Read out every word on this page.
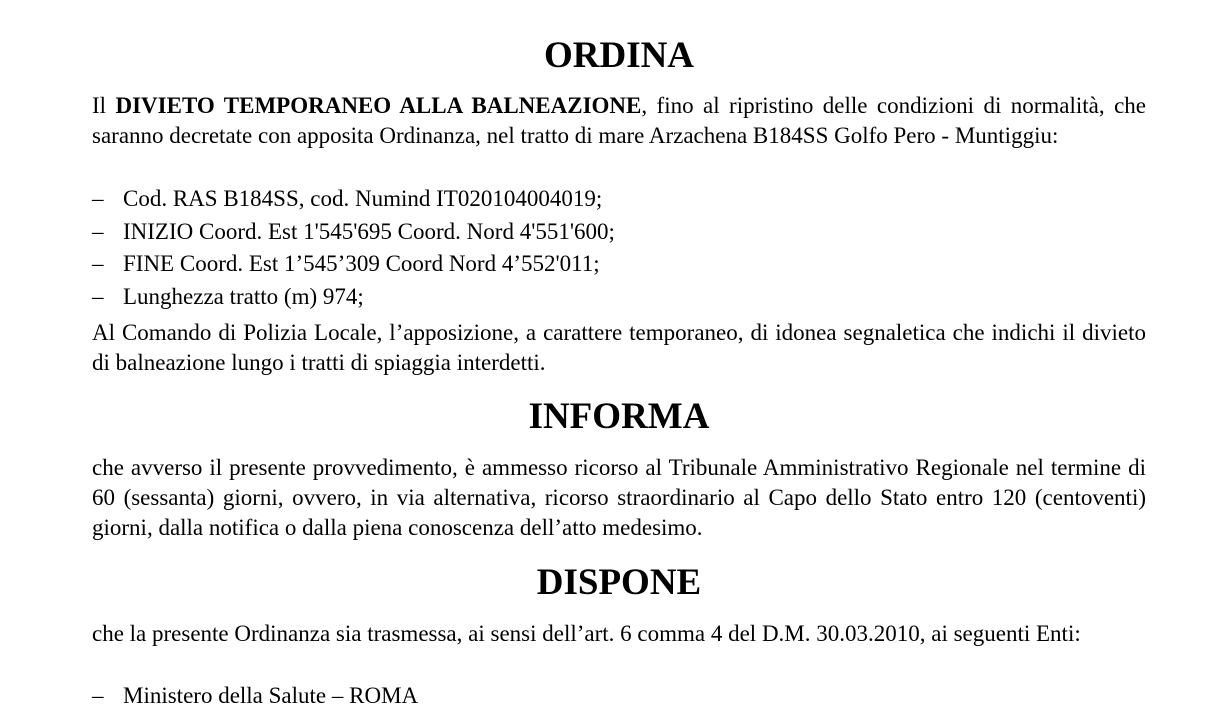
ORDINA

Il DIVIETO TEMPORANEO ALLA BALNEAZIONE, fino al ripristino delle condizioni di normalità, che saranno decretate con apposita Ordinanza, nel tratto di mare Arzachena B184SS Golfo Pero - Muntiggiu:

– Cod. RAS B184SS, cod. Numind IT020104004019;
– INIZIO Coord. Est 1'545'695 Coord. Nord 4'551'600;
– FINE Coord. Est 1’545’309 Coord Nord 4’552'011;
– Lunghezza tratto (m) 974;

Al Comando di Polizia Locale, l’apposizione, a carattere temporaneo, di idonea segnaletica che indichi il divieto di balneazione lungo i tratti di spiaggia interdetti.

INFORMA

che avverso il presente provvedimento, è ammesso ricorso al Tribunale Amministrativo Regionale nel termine di 60 (sessanta) giorni, ovvero, in via alternativa, ricorso straordinario al Capo dello Stato entro 120 (centoventi) giorni, dalla notifica o dalla piena conoscenza dell’atto medesimo.

DISPONE

che la presente Ordinanza sia trasmessa, ai sensi dell’art. 6 comma 4 del D.M. 30.03.2010, ai seguenti Enti:

– Ministero della Salute – ROMA
